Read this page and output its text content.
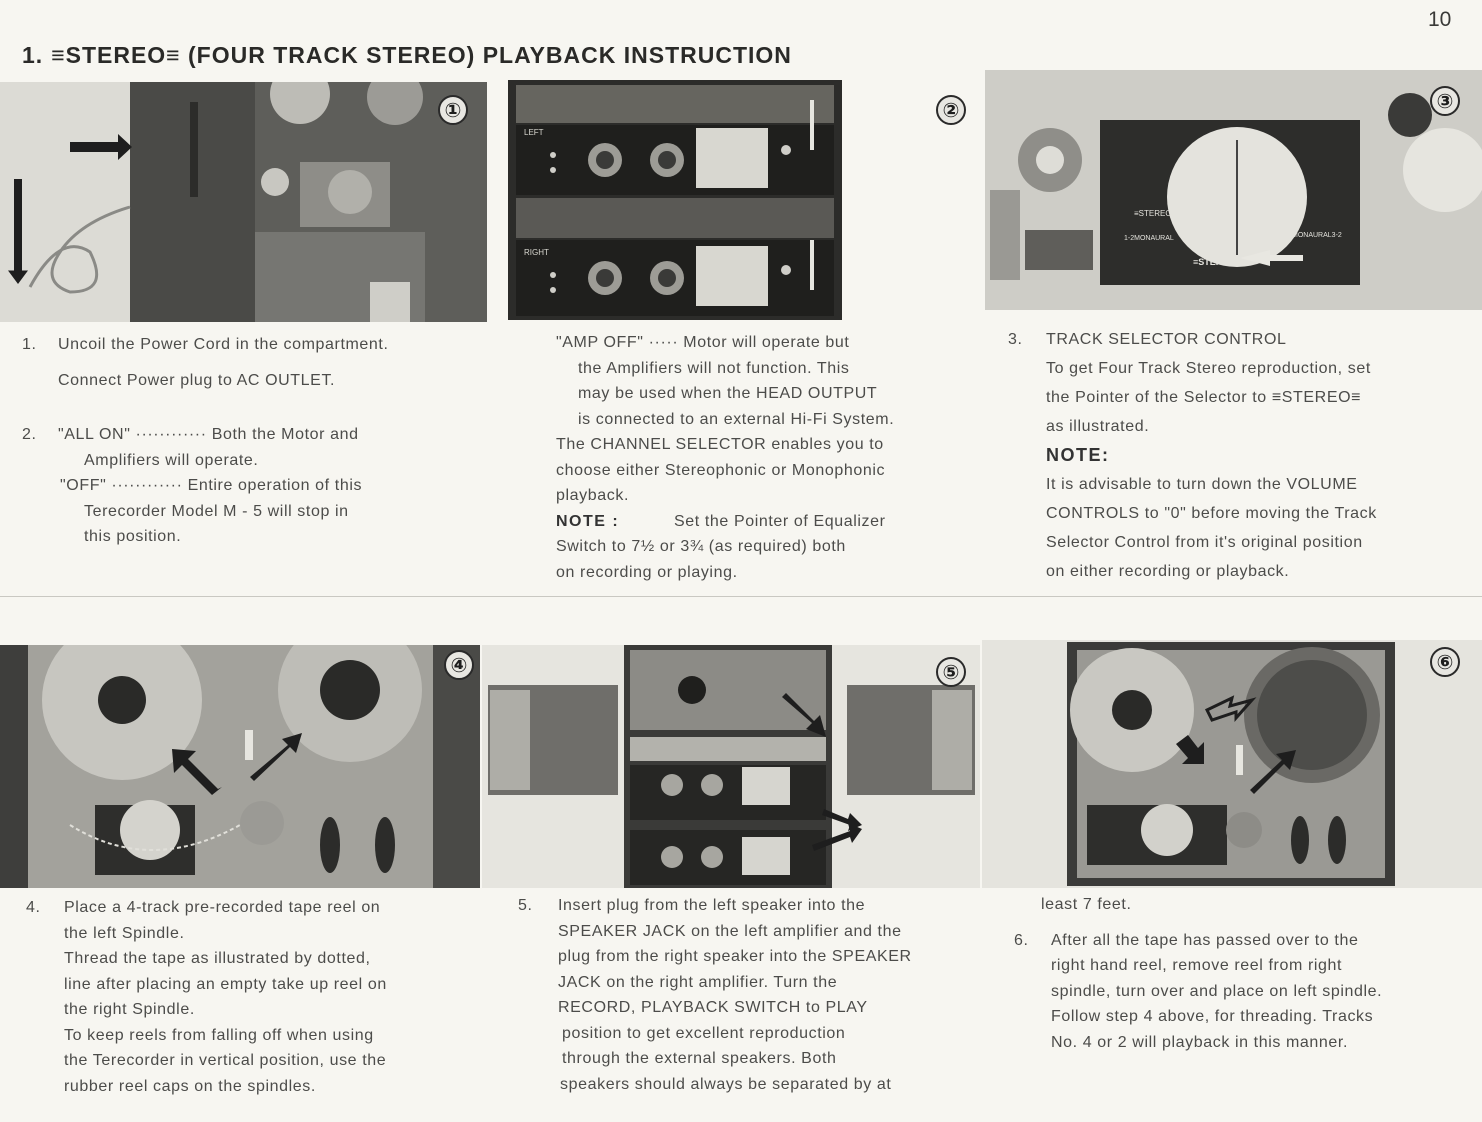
10
1. ≡STEREO≡ (FOUR TRACK STEREO) PLAYBACK INSTRUCTION
①
LEFT
RIGHT
②
≡STEREO
1-2MONAURAL	MONAURAL3-2
≡STEREO≡
③

1. Uncoil the Power Cord in the compartment.

Connect Power plug to AC OUTLET.

2. "ALL ON" ············ Both the Motor and

Amplifiers will operate.

"OFF" ············ Entire operation of this

Terecorder Model M - 5 will stop in

this position.

"AMP OFF" ····· Motor will operate but

the Amplifiers will not function. This

may be used when the HEAD OUTPUT

is connected to an external Hi-Fi System.

The CHANNEL SELECTOR enables you to

choose either Stereophonic or Monophonic

playback.

NOTE :	Set the Pointer of Equalizer

Switch to 7½ or 3¾ (as required) both

on recording or playing.

3. TRACK SELECTOR CONTROL

To get Four Track Stereo reproduction, set

the Pointer of the Selector to ≡STEREO≡

as illustrated.

NOTE:

It is advisable to turn down the VOLUME

CONTROLS to "0" before moving the Track

Selector Control from it's original position

on either recording or playback.

④	⑤	⑥

4. Place a 4-track pre-recorded tape reel on

the left Spindle.

Thread the tape as illustrated by dotted,

line after placing an empty take up reel on

the right Spindle.

To keep reels from falling off when using

the Terecorder in vertical position, use the

rubber reel caps on the spindles.

5. Insert plug from the left speaker into the

SPEAKER JACK on the left amplifier and the

plug from the right speaker into the SPEAKER

JACK on the right amplifier. Turn the

RECORD, PLAYBACK SWITCH to PLAY

position to get excellent reproduction

through the external speakers. Both

speakers should always be separated by at

least 7 feet.

6. After all the tape has passed over to the

right hand reel, remove reel from right

spindle, turn over and place on left spindle.

Follow step 4 above, for threading. Tracks

No. 4 or 2 will playback in this manner.
